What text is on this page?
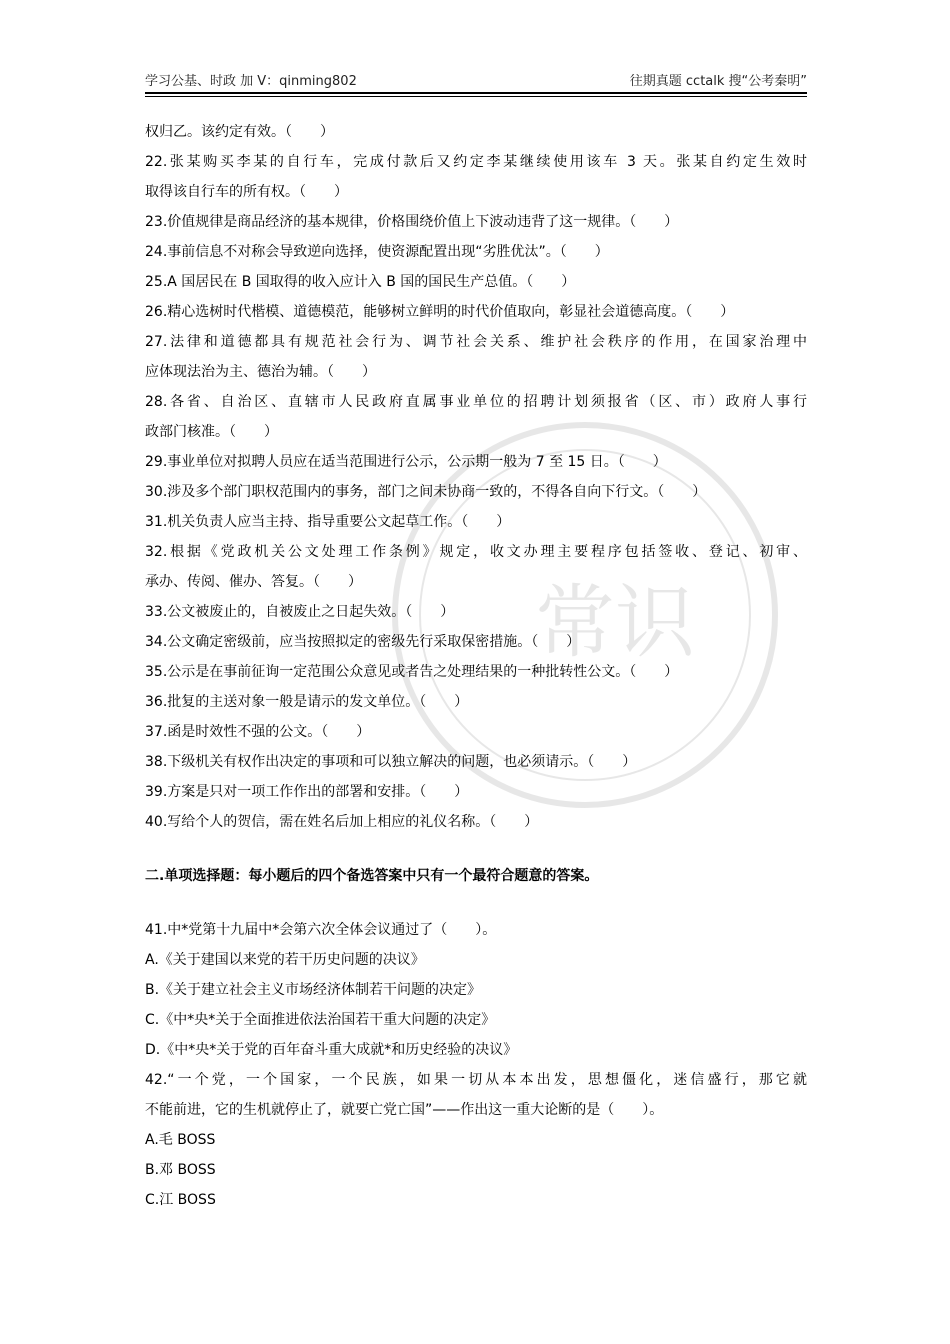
学习公基、时政 加 V：qinming802	往期真题 cctalk 搜“公考秦明”
常识
权归乙。该约定有效。（　　）
22.张某购买李某的自行车，完成付款后又约定李某继续使用该车 3 天。张某自约定生效时
取得该自行车的所有权。（　　）
23.价值规律是商品经济的基本规律，价格围绕价值上下波动违背了这一规律。（　　）
24.事前信息不对称会导致逆向选择，使资源配置出现“劣胜优汰”。（　　）
25.A 国居民在 B 国取得的收入应计入 B 国的国民生产总值。（　　）
26.精心选树时代楷模、道德模范，能够树立鲜明的时代价值取向，彰显社会道德高度。（　　）
27.法律和道德都具有规范社会行为、调节社会关系、维护社会秩序的作用，在国家治理中
应体现法治为主、德治为辅。（　　）
28.各省、自治区、直辖市人民政府直属事业单位的招聘计划须报省（区、市）政府人事行
政部门核准。（　　）
29.事业单位对拟聘人员应在适当范围进行公示，公示期一般为 7 至 15 日。（　　）
30.涉及多个部门职权范围内的事务，部门之间未协商一致的，不得各自向下行文。（　　）
31.机关负责人应当主持、指导重要公文起草工作。（　　）
32.根据《党政机关公文处理工作条例》规定，收文办理主要程序包括签收、登记、初审、
承办、传阅、催办、答复。（　　）
33.公文被废止的，自被废止之日起失效。（　　）
34.公文确定密级前，应当按照拟定的密级先行采取保密措施。（　　）
35.公示是在事前征询一定范围公众意见或者告之处理结果的一种批转性公文。（　　）
36.批复的主送对象一般是请示的发文单位。（　　）
37.函是时效性不强的公文。（　　）
38.下级机关有权作出决定的事项和可以独立解决的问题，也必须请示。（　　）
39.方案是只对一项工作作出的部署和安排。（　　）
40.写给个人的贺信，需在姓名后加上相应的礼仪名称。（　　）
二.单项选择题：每小题后的四个备选答案中只有一个最符合题意的答案。
41.中*党第十九届中*会第六次全体会议通过了（　　）。
A.《关于建国以来党的若干历史问题的决议》
B.《关于建立社会主义市场经济体制若干问题的决定》
C.《中*央*关于全面推进依法治国若干重大问题的决定》
D.《中*央*关于党的百年奋斗重大成就*和历史经验的决议》
42.“一个党，一个国家，一个民族，如果一切从本本出发，思想僵化，迷信盛行，那它就
不能前进，它的生机就停止了，就要亡党亡国”——作出这一重大论断的是（　　）。
A.毛 BOSS
B.邓 BOSS
C.江 BOSS
